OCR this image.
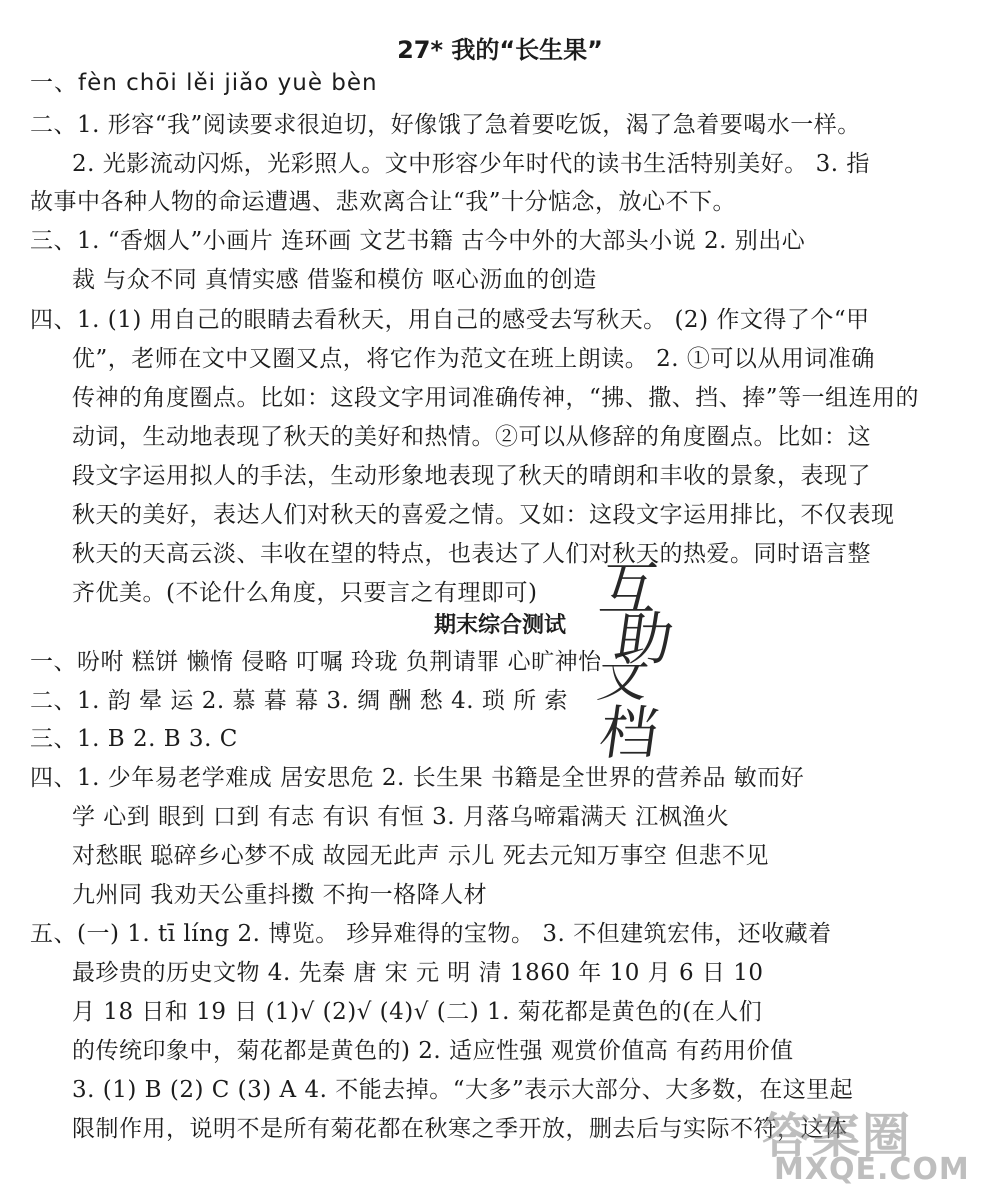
27* 我的“长生果”
一、fèn chōi lěi jiǎo yuè bèn
二、1. 形容“我”阅读要求很迫切，好像饿了急着要吃饭，渴了急着要喝水一样。
2. 光影流动闪烁，光彩照人。文中形容少年时代的读书生活特别美好。 3. 指
故事中各种人物的命运遭遇、悲欢离合让“我”十分惦念，放心不下。
三、1. “香烟人”小画片 连环画 文艺书籍 古今中外的大部头小说 2. 别出心
裁 与众不同 真情实感 借鉴和模仿 呕心沥血的创造
四、1. (1) 用自己的眼睛去看秋天，用自己的感受去写秋天。 (2) 作文得了个“甲
优”，老师在文中又圈又点，将它作为范文在班上朗读。 2. ①可以从用词准确
传神的角度圈点。比如：这段文字用词准确传神，“拂、撒、挡、捧”等一组连用的
动词，生动地表现了秋天的美好和热情。②可以从修辞的角度圈点。比如：这
段文字运用拟人的手法，生动形象地表现了秋天的晴朗和丰收的景象，表现了
秋天的美好，表达人们对秋天的喜爱之情。又如：这段文字运用排比，不仅表现
秋天的天高云淡、丰收在望的特点，也表达了人们对秋天的热爱。同时语言整
齐优美。(不论什么角度，只要言之有理即可)
期末综合测试
一、吩咐 糕饼 懒惰 侵略 叮嘱 玲珑 负荆请罪 心旷神怡
二、1. 韵 晕 运 2. 慕 暮 幕 3. 绸 酬 愁 4. 琐 所 索
三、1. B 2. B 3. C
四、1. 少年易老学难成 居安思危 2. 长生果 书籍是全世界的营养品 敏而好
学 心到 眼到 口到 有志 有识 有恒 3. 月落乌啼霜满天 江枫渔火
对愁眠 聪碎乡心梦不成 故园无此声 示儿 死去元知万事空 但悲不见
九州同 我劝天公重抖擞 不拘一格降人材
五、(一) 1. tī líng 2. 博览。 珍异难得的宝物。 3. 不但建筑宏伟，还收藏着
最珍贵的历史文物 4. 先秦 唐 宋 元 明 清 1860 年 10 月 6 日 10
月 18 日和 19 日 (1)√ (2)√ (4)√ (二) 1. 菊花都是黄色的(在人们
的传统印象中，菊花都是黄色的) 2. 适应性强 观赏价值高 有药用价值
3. (1) B (2) C (3) A 4. 不能去掉。“大多”表示大部分、大多数，在这里起
限制作用，说明不是所有菊花都在秋寒之季开放，删去后与实际不符，这体
互
助
文
档
答案圈
MXQE.COM
